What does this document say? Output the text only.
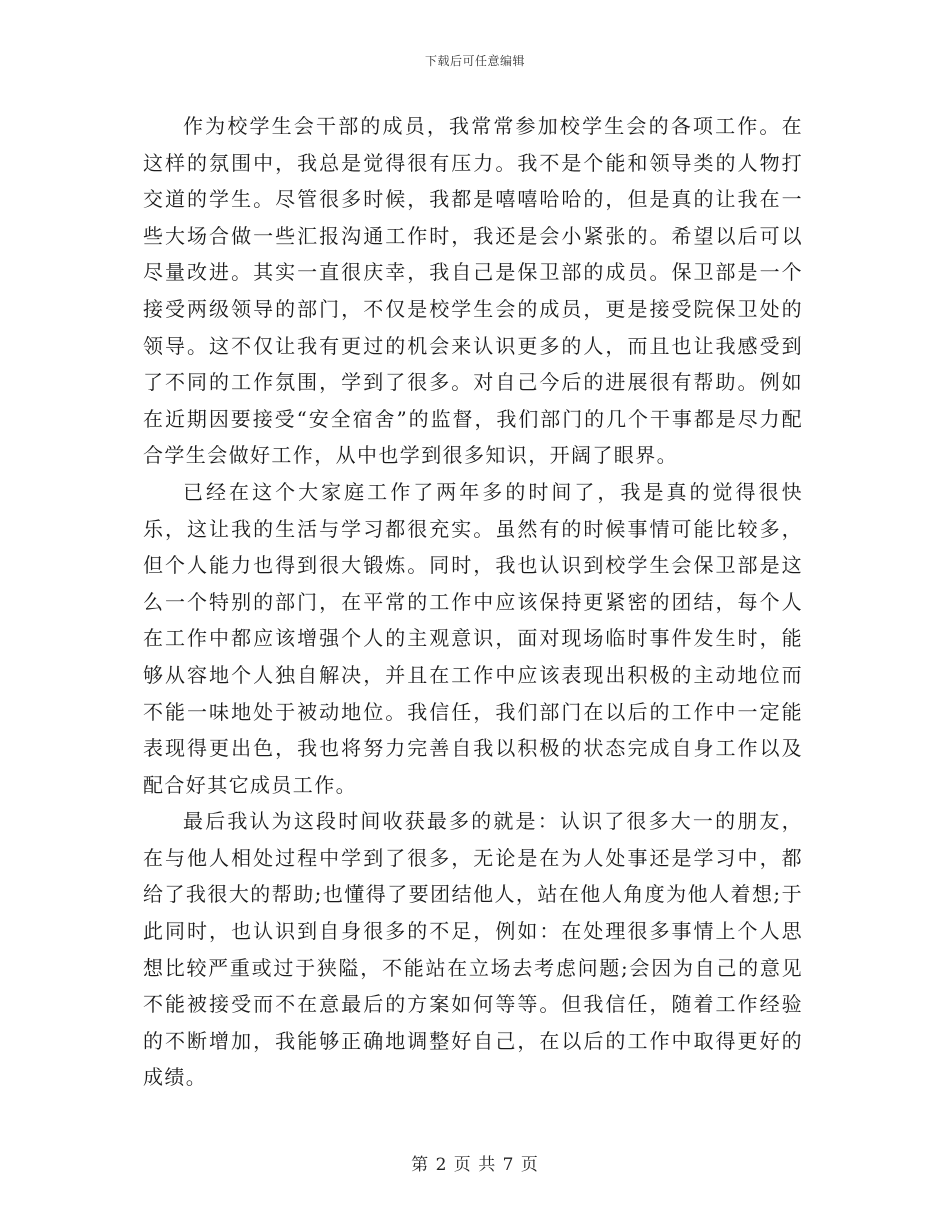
下载后可任意编辑

作为校学生会干部的成员，我常常参加校学生会的各项工作。在这样的氛围中，我总是觉得很有压力。我不是个能和领导类的人物打交道的学生。尽管很多时候，我都是嘻嘻哈哈的，但是真的让我在一些大场合做一些汇报沟通工作时，我还是会小紧张的。希望以后可以尽量改进。其实一直很庆幸，我自己是保卫部的成员。保卫部是一个接受两级领导的部门，不仅是校学生会的成员，更是接受院保卫处的领导。这不仅让我有更过的机会来认识更多的人，而且也让我感受到了不同的工作氛围，学到了很多。对自己今后的进展很有帮助。例如在近期因要接受“安全宿舍”的监督，我们部门的几个干事都是尽力配合学生会做好工作，从中也学到很多知识，开阔了眼界。

已经在这个大家庭工作了两年多的时间了，我是真的觉得很快乐，这让我的生活与学习都很充实。虽然有的时候事情可能比较多，但个人能力也得到很大锻炼。同时，我也认识到校学生会保卫部是这么一个特别的部门，在平常的工作中应该保持更紧密的团结，每个人在工作中都应该增强个人的主观意识，面对现场临时事件发生时，能够从容地个人独自解决，并且在工作中应该表现出积极的主动地位而不能一味地处于被动地位。我信任，我们部门在以后的工作中一定能表现得更出色，我也将努力完善自我以积极的状态完成自身工作以及配合好其它成员工作。

最后我认为这段时间收获最多的就是：认识了很多大一的朋友，在与他人相处过程中学到了很多，无论是在为人处事还是学习中，都给了我很大的帮助;也懂得了要团结他人，站在他人角度为他人着想;于此同时，也认识到自身很多的不足，例如：在处理很多事情上个人思想比较严重或过于狭隘，不能站在立场去考虑问题;会因为自己的意见不能被接受而不在意最后的方案如何等等。但我信任，随着工作经验的不断增加，我能够正确地调整好自己，在以后的工作中取得更好的成绩。

第 2 页 共 7 页
